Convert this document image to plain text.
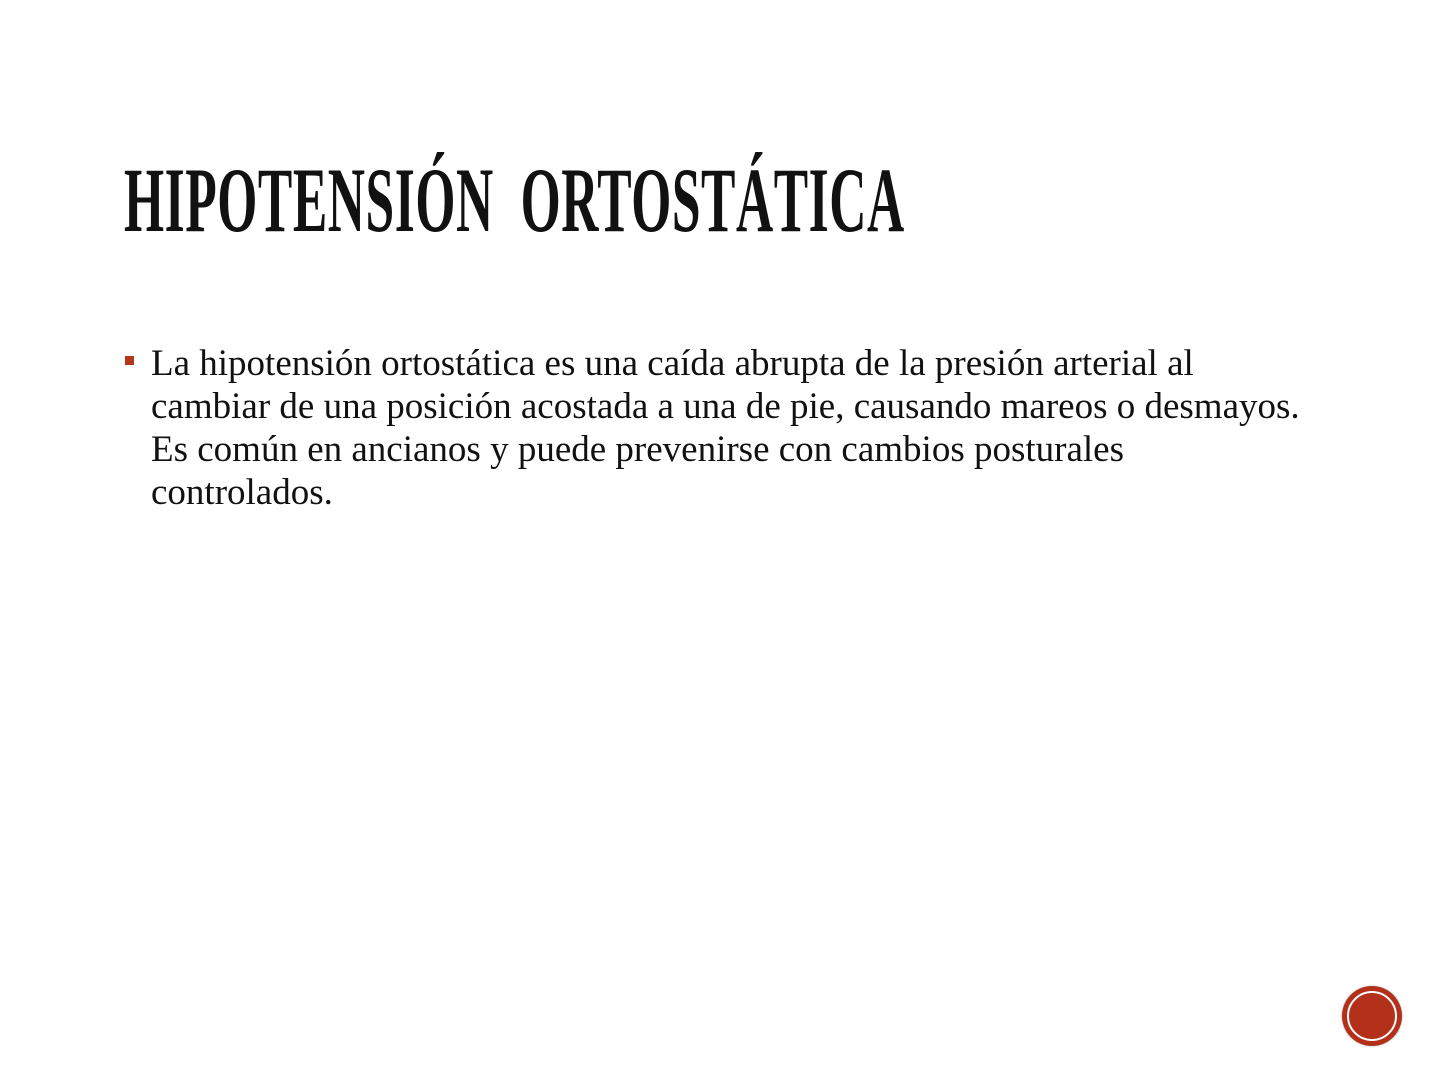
HIPOTENSIÓN  ORTOSTÁTICA
La hipotensión ortostática es una caída abrupta de la presión arterial al cambiar de una posición acostada a una de pie, causando mareos o desmayos. Es común en ancianos y puede prevenirse con cambios posturales controlados.
